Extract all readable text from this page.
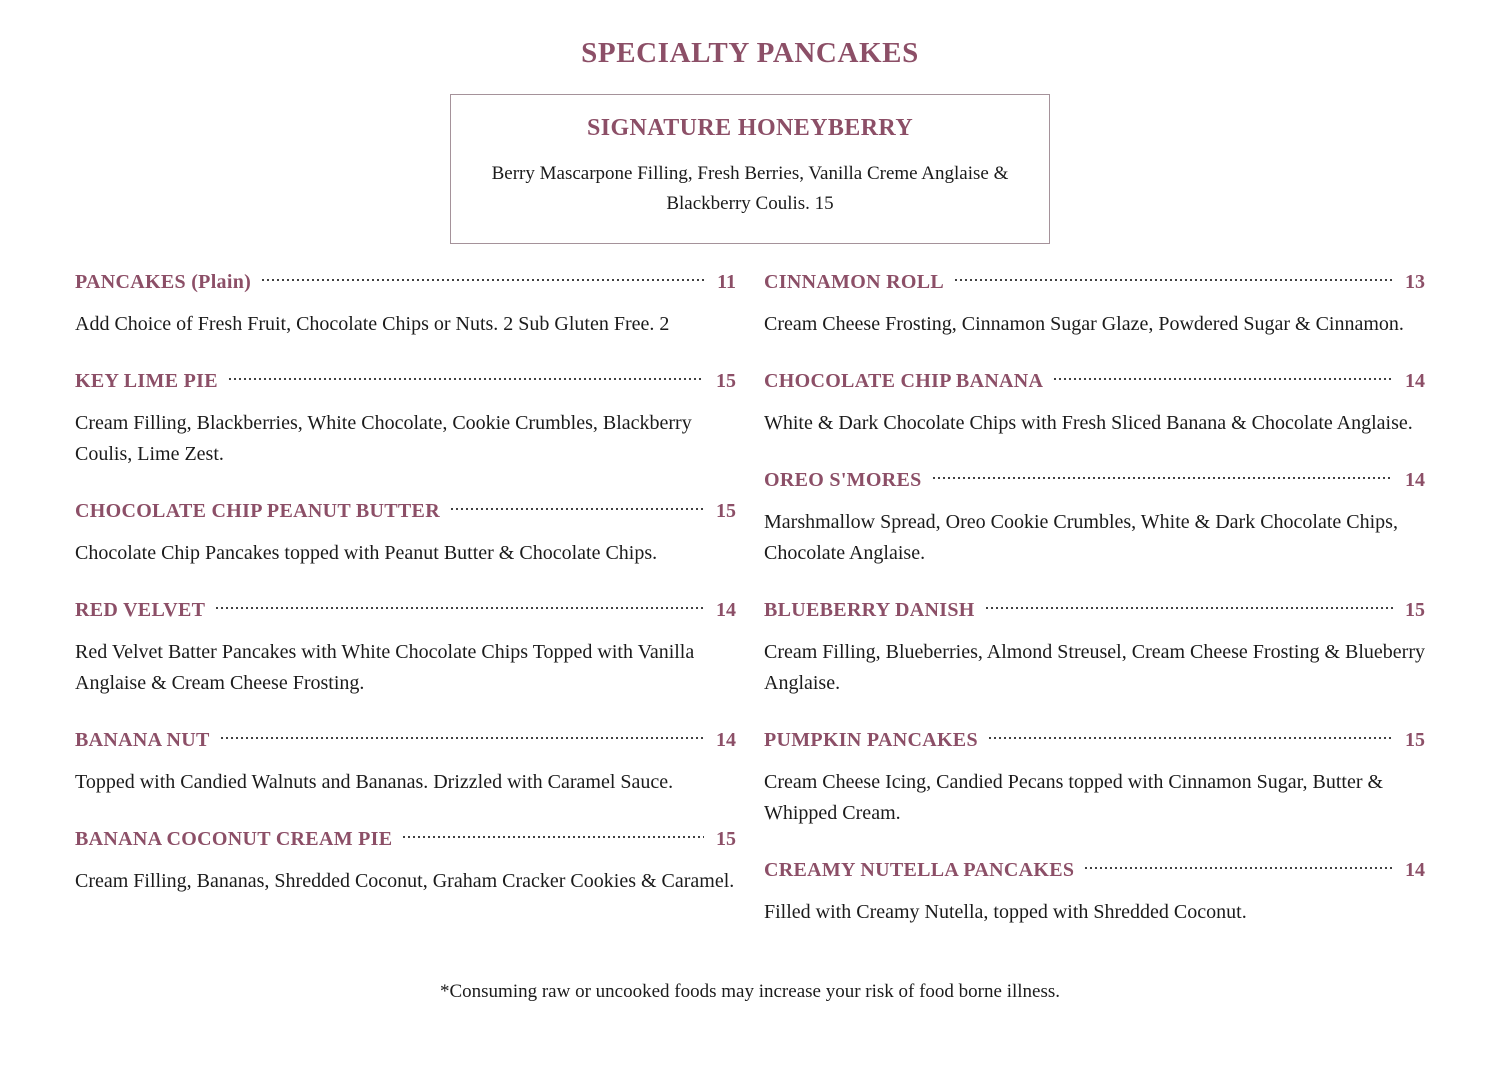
SPECIALTY PANCAKES
SIGNATURE HONEYBERRY
Berry Mascarpone Filling, Fresh Berries, Vanilla Creme Anglaise & Blackberry Coulis. 15
PANCAKES (Plain)	11
Add Choice of Fresh Fruit, Chocolate Chips or Nuts. 2 Sub Gluten Free. 2
KEY LIME PIE	15
Cream Filling, Blackberries, White Chocolate, Cookie Crumbles, Blackberry Coulis, Lime Zest.
CHOCOLATE CHIP PEANUT BUTTER	15
Chocolate Chip Pancakes topped with Peanut Butter & Chocolate Chips.
RED VELVET	14
Red Velvet Batter Pancakes with White Chocolate Chips Topped with Vanilla Anglaise & Cream Cheese Frosting.
BANANA NUT	14
Topped with Candied Walnuts and Bananas. Drizzled with Caramel Sauce.
BANANA COCONUT CREAM PIE	15
Cream Filling, Bananas, Shredded Coconut, Graham Cracker Cookies & Caramel.
CINNAMON ROLL	13
Cream Cheese Frosting, Cinnamon Sugar Glaze, Powdered Sugar & Cinnamon.
CHOCOLATE CHIP BANANA	14
White & Dark Chocolate Chips with Fresh Sliced Banana & Chocolate Anglaise.
OREO S'MORES	14
Marshmallow Spread, Oreo Cookie Crumbles, White & Dark Chocolate Chips, Chocolate Anglaise.
BLUEBERRY DANISH	15
Cream Filling, Blueberries, Almond Streusel, Cream Cheese Frosting & Blueberry Anglaise.
PUMPKIN PANCAKES	15
Cream Cheese Icing, Candied Pecans topped with Cinnamon Sugar, Butter & Whipped Cream.
CREAMY NUTELLA PANCAKES	14
Filled with Creamy Nutella, topped with Shredded Coconut.
*Consuming raw or uncooked foods may increase your risk of food borne illness.
